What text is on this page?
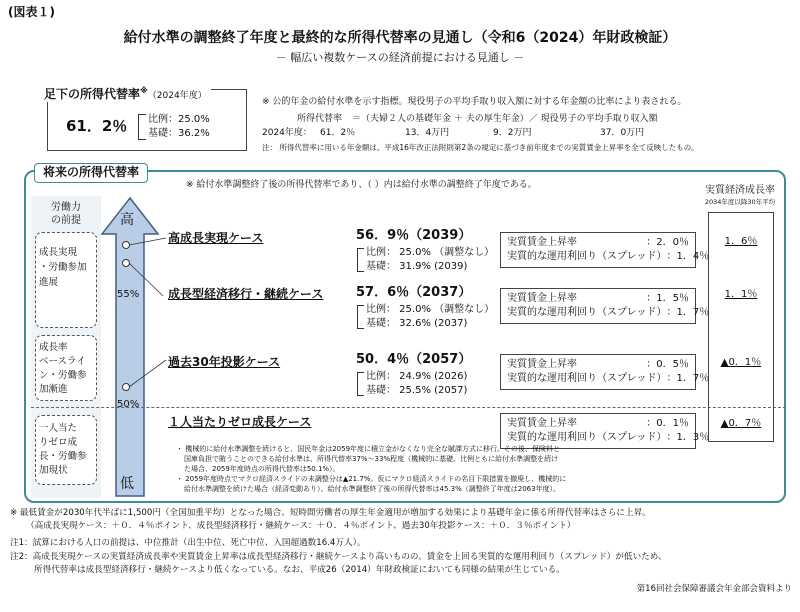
(図表１)
給付水準の調整終了年度と最終的な所得代替率の見通し（令和6（2024）年財政検証）
－ 幅広い複数ケースの経済前提における見通し －
足下の所得代替率※（2024年度）
61．2％ 比例：25.0%
基礎：36.2%
※ 公的年金の給付水準を示す指標。現役男子の平均手取り収入額に対する年金額の比率により表される。
所得代替率 ＝（夫婦２人の基礎年金 ＋ 夫の厚生年金）／ 現役男子の平均手取り収入額
2024年度： 61．2％	13．4万円	9．2万円	37．0万円
注： 所得代替率に用いる年金額は、平成16年改正法附則第2条の規定に基づき前年度までの実質賃金上昇率を全て反映したもの。
将来の所得代替率
※ 給付水準調整終了後の所得代替率であり、（ ）内は給付水準の調整終了年度である。
労働力
の前提
成長実現
・労働参加
進展
成長率
ベースライ
ン・労働参
加漸進
一人当た
りゼロ成
長・労働参
加現状
高
低
55%
50%
実質経済成長率
2034年度以降30年平均
1．6％
1．1％
▲0．1％
▲0．7％
高成長実現ケース	56．9％（2039）
比例： 25.0% （調整なし）
基礎： 31.9% (2039)
実質賃金上昇率	：2．0％
実質的な運用利回り（スプレッド） ：1．4％
成長型経済移行・継続ケース	57．6％（2037）
比例： 25.0% （調整なし）
基礎： 32.6% (2037)
実質賃金上昇率	：1．5％
実質的な運用利回り（スプレッド） ：1．7％
過去30年投影ケース	50．4％（2057）
比例： 24.9% (2026)
基礎： 25.5% (2057)
実質賃金上昇率	：0．5％
実質的な運用利回り（スプレッド） ：1．7％
１人当たりゼロ成長ケース	実質賃金上昇率	：0．1％
実質的な運用利回り（スプレッド） ：1．3％
・ 機械的に給付水準調整を続けると、国民年金は2059年度に積立金がなくなり完全な賦課方式に移行。その後、保険料と
国庫負担で賄うことのできる給付水準は、所得代替率37%～33%程度（機械的に基礎、比例ともに給付水準調整を続け
た場合、2059年度時点の所得代替率は50.1%）。
・ 2059年度時点でマクロ経済スライドの未調整分は▲21.7%。仮にマクロ経済スライドの名目下限措置を撤廃し、機械的に
給付水準調整を続けた場合（経済変動あり）、給付水準調整終了後の所得代替率は45.3%（調整終了年度は2063年度）。
※ 最低賃金が2030年代半ばに1,500円（全国加重平均）となった場合、短時間労働者の厚生年金適用が増加する効果により基礎年金に係る所得代替率はさらに上昇。
（高成長実現ケース：＋０．４％ポイント、成長型経済移行・継続ケース：＋０．４％ポイント、過去30年投影ケース：＋０．３％ポイント）
注1：試算における人口の前提は、中位推計（出生中位、死亡中位、入国超過数16.4万人）。
注2：高成長実現ケースの実質経済成長率や実質賃金上昇率は成長型経済移行・継続ケースより高いものの、賃金を上回る実質的な運用利回り（スプレッド）が低いため、
所得代替率は成長型経済移行・継続ケースより低くなっている。なお、平成26（2014）年財政検証においても同様の結果が生じている。
第16回社会保障審議会年金部会資料より
